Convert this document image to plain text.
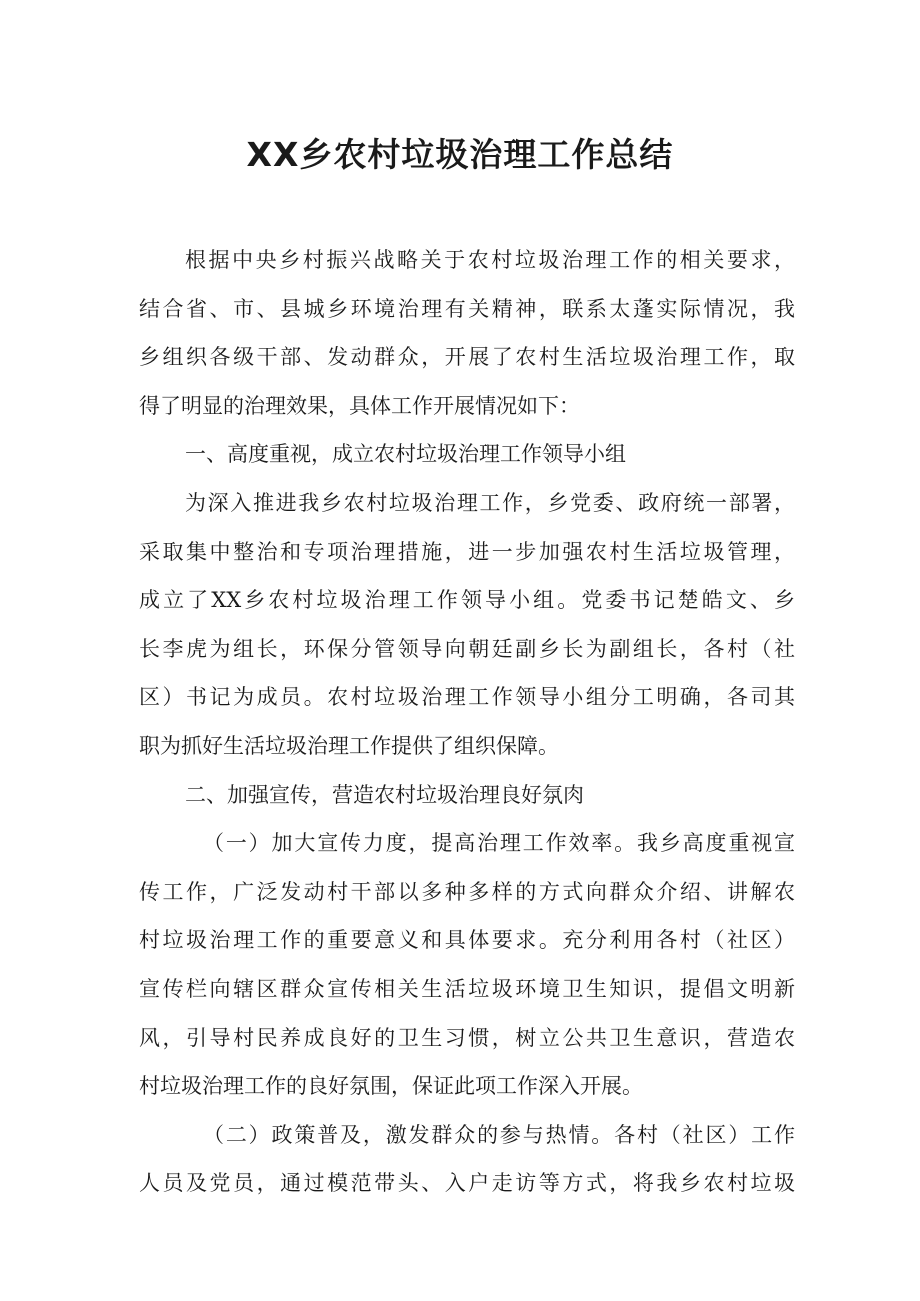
XX乡农村垃圾治理工作总结
根据中央乡村振兴战略关于农村垃圾治理工作的相关要求，
结合省、市、县城乡环境治理有关精神，联系太蓬实际情况，我
乡组织各级干部、发动群众，开展了农村生活垃圾治理工作，取
得了明显的治理效果，具体工作开展情况如下：
一、高度重视，成立农村垃圾治理工作领导小组
为深入推进我乡农村垃圾治理工作，乡党委、政府统一部署，
采取集中整治和专项治理措施，进一步加强农村生活垃圾管理，
成立了XX乡农村垃圾治理工作领导小组。党委书记楚皓文、乡
长李虎为组长，环保分管领导向朝廷副乡长为副组长，各村（社
区）书记为成员。农村垃圾治理工作领导小组分工明确，各司其
职为抓好生活垃圾治理工作提供了组织保障。
二、加强宣传，营造农村垃圾治理良好氛肉
（一）加大宣传力度，提高治理工作效率。我乡高度重视宣
传工作，广泛发动村干部以多种多样的方式向群众介绍、讲解农
村垃圾治理工作的重要意义和具体要求。充分利用各村（社区）
宣传栏向辖区群众宣传相关生活垃圾环境卫生知识，提倡文明新
风，引导村民养成良好的卫生习惯，树立公共卫生意识，营造农
村垃圾治理工作的良好氛围，保证此项工作深入开展。
（二）政策普及，激发群众的参与热情。各村（社区）工作
人员及党员，通过模范带头、入户走访等方式，将我乡农村垃圾
